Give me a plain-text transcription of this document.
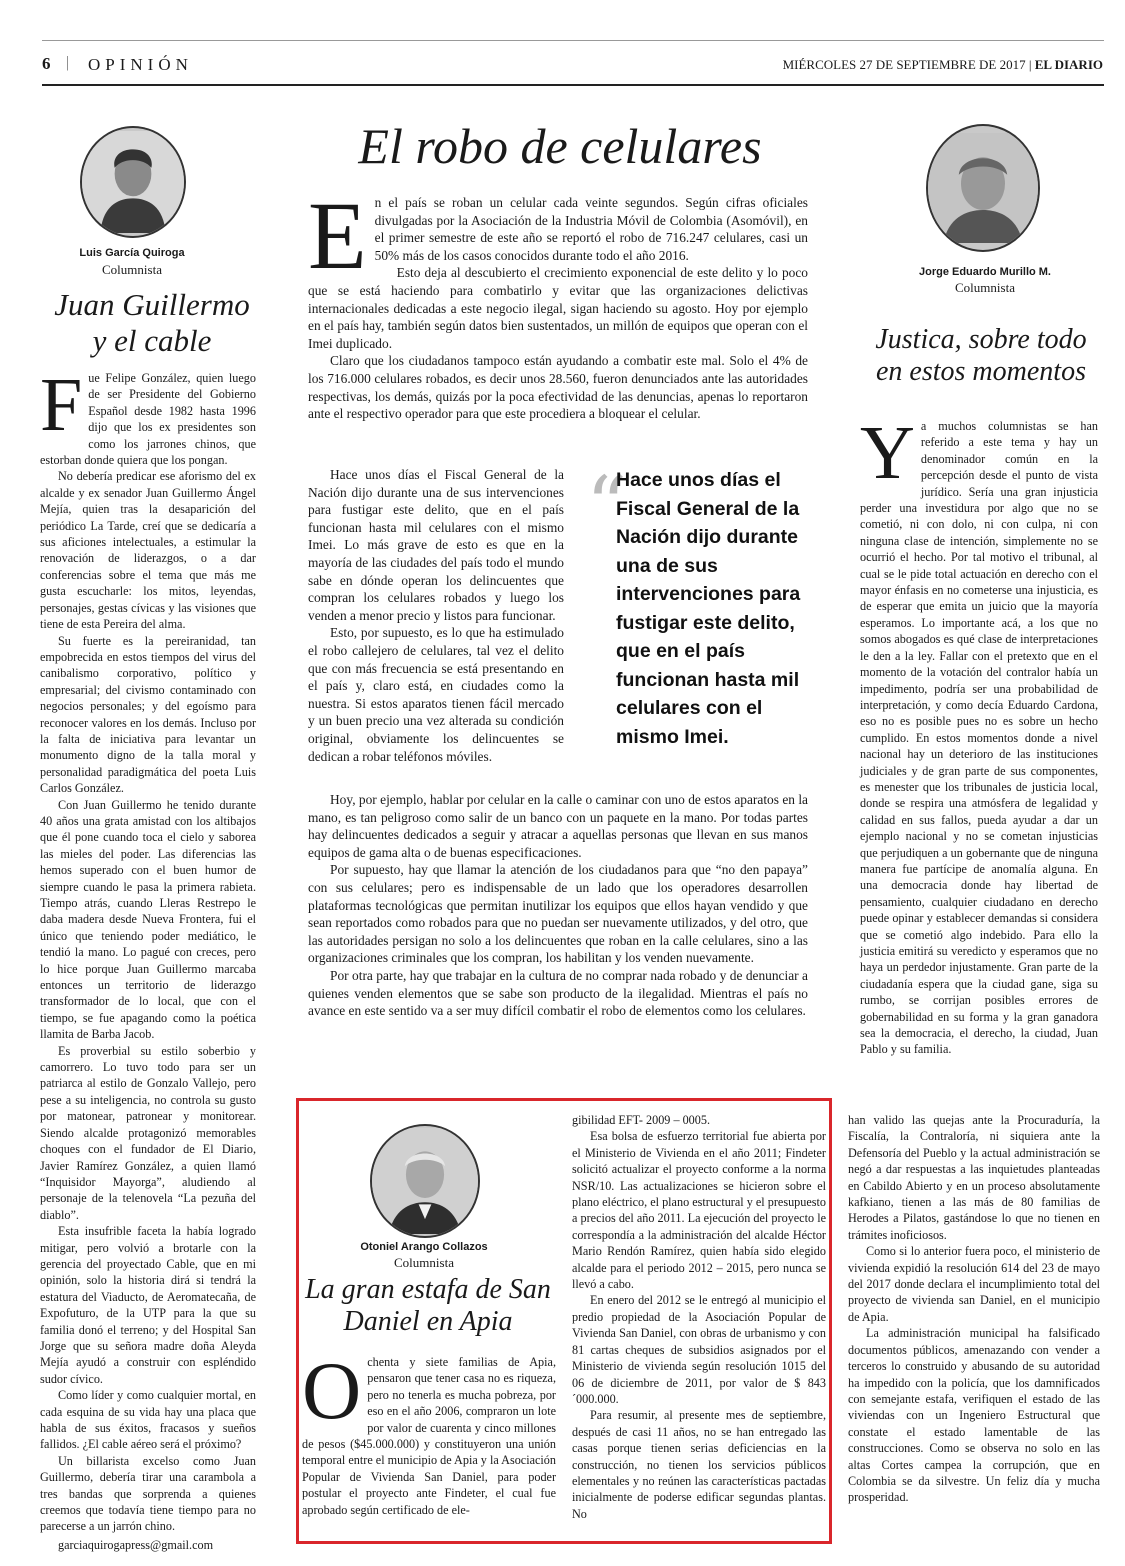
6 | OPINIÓN	MIÉRCOLES 27 DE SEPTIEMBRE DE 2017 | EL DIARIO
Luis García Quiroga
Columnista
Juan Guillermo
y el cable

Fue Felipe González, quien luego de ser Presidente del Gobierno Español desde 1982 hasta 1996 dijo que los ex presidentes son como los jarrones chinos, que estorban donde quiera que los pongan.

No debería predicar ese aforismo del ex alcalde y ex senador Juan Guillermo Ángel Mejía, quien tras la desaparición del periódico La Tarde, creí que se dedicaría a sus aficiones intelectuales, a estimular la renovación de liderazgos, o a dar conferencias sobre el tema que más me gusta escucharle: los mitos, leyendas, personajes, gestas cívicas y las visiones que tiene de esta Pereira del alma.

Su fuerte es la pereiranidad, tan empobrecida en estos tiempos del virus del canibalismo corporativo, político y empresarial; del civismo contaminado con negocios personales; y del egoísmo para reconocer valores en los demás. Incluso por la falta de iniciativa para levantar un monumento digno de la talla moral y personalidad paradigmática del poeta Luis Carlos González.

Con Juan Guillermo he tenido durante 40 años una grata amistad con los altibajos que él pone cuando toca el cielo y saborea las mieles del poder. Las diferencias las hemos superado con el buen humor de siempre cuando le pasa la primera rabieta. Tiempo atrás, cuando Lleras Restrepo le daba madera desde Nueva Frontera, fui el único que teniendo poder mediático, le tendió la mano. Lo pagué con creces, pero lo hice porque Juan Guillermo marcaba entonces un territorio de liderazgo transformador de lo local, que con el tiempo, se fue apagando como la poética llamita de Barba Jacob.

Es proverbial su estilo soberbio y camorrero. Lo tuvo todo para ser un patriarca al estilo de Gonzalo Vallejo, pero pese a su inteligencia, no controla su gusto por matonear, patronear y monitorear. Siendo alcalde protagonizó memorables choques con el fundador de El Diario, Javier Ramírez González, a quien llamó “Inquisidor Mayorga”, aludiendo al personaje de la telenovela “La pezuña del diablo”.

Esta insufrible faceta la había logrado mitigar, pero volvió a brotarle con la gerencia del proyectado Cable, que en mi opinión, solo la historia dirá si tendrá la estatura del Viaducto, de Aeromatecaña, de Expofuturo, de la UTP para la que su familia donó el terreno; y del Hospital San Jorge que su señora madre doña Aleyda Mejía ayudó a construir con espléndido sudor cívico.

Como líder y como cualquier mortal, en cada esquina de su vida hay una placa que habla de sus éxitos, fracasos y sueños fallidos. ¿El cable aéreo será el próximo?

Un billarista excelso como Juan Guillermo, debería tirar una carambola a tres bandas que sorprenda a quienes creemos que todavía tiene tiempo para no parecerse a un jarrón chino.

garciaquirogapress@gmail.com

El robo de celulares

En el país se roban un celular cada veinte segundos. Según cifras oficiales divulgadas por la Asociación de la Industria Móvil de Colombia (Asomóvil), en el primer semestre de este año se reportó el robo de 716.247 celulares, casi un 50% más de los casos conocidos durante todo el año 2016.

Esto deja al descubierto el crecimiento exponencial de este delito y lo poco que se está haciendo para combatirlo y evitar que las organizaciones delictivas internacionales dedicadas a este negocio ilegal, sigan haciendo su agosto. Hoy por ejemplo en el país hay, también según datos bien sustentados, un millón de equipos que operan con el Imei duplicado.

Claro que los ciudadanos tampoco están ayudando a combatir este mal. Solo el 4% de los 716.000 celulares robados, es decir unos 28.560, fueron denunciados ante las autoridades respectivas, los demás, quizás por la poca efectividad de las denuncias, apenas lo reportaron ante el respectivo operador para que este procediera a bloquear el celular.

Hace unos días el Fiscal General de la Nación dijo durante una de sus intervenciones para fustigar este delito, que en el país funcionan hasta mil celulares con el mismo Imei. Lo más grave de esto es que en la mayoría de las ciudades del país todo el mundo sabe en dónde operan los delincuentes que compran los celulares robados y luego los venden a menor precio y listos para funcionar.

Esto, por supuesto, es lo que ha estimulado el robo callejero de celulares, tal vez el delito que con más frecuencia se está presentando en el país y, claro está, en ciudades como la nuestra. Si estos aparatos tienen fácil mercado y un buen precio una vez alterada su condición original, obviamente los delincuentes se dedican a robar teléfonos móviles.

“
Hace unos días el Fiscal General de la Nación dijo durante una de sus intervenciones para fustigar este delito, que en el país funcionan hasta mil celulares con el mismo Imei.

Hoy, por ejemplo, hablar por celular en la calle o caminar con uno de estos aparatos en la mano, es tan peligroso como salir de un banco con un paquete en la mano. Por todas partes hay delincuentes dedicados a seguir y atracar a aquellas personas que llevan en sus manos equipos de gama alta o de buenas especificaciones.

Por supuesto, hay que llamar la atención de los ciudadanos para que “no den papaya” con sus celulares; pero es indispensable de un lado que los operadores desarrollen plataformas tecnológicas que permitan inutilizar los equipos que ellos hayan vendido y que sean reportados como robados para que no puedan ser nuevamente utilizados, y del otro, que las autoridades persigan no solo a los delincuentes que roban en la calle celulares, sino a las organizaciones criminales que los compran, los habilitan y los venden nuevamente.

Por otra parte, hay que trabajar en la cultura de no comprar nada robado y de denunciar a quienes venden elementos que se sabe son producto de la ilegalidad. Mientras el país no avance en este sentido va a ser muy difícil combatir el robo de elementos como los celulares.

Jorge Eduardo Murillo M.
Columnista
Justica, sobre todo
en estos momentos

Ya muchos columnistas se han referido a este tema y hay un denominador común en la percepción desde el punto de vista jurídico. Sería una gran injusticia perder una investidura por algo que no se cometió, ni con dolo, ni con culpa, ni con ninguna clase de intención, simplemente no se ocurrió el hecho. Por tal motivo el tribunal, al cual se le pide total actuación en derecho con el mayor énfasis en no cometerse una injusticia, es de esperar que emita un juicio que la mayoría esperamos. Lo importante acá, a los que no somos abogados es qué clase de interpretaciones le den a la ley. Fallar con el pretexto que en el momento de la votación del contralor había un impedimento, podría ser una probabilidad de interpretación, y como decía Eduardo Cardona, eso no es posible pues no es sobre un hecho cumplido. En estos momentos donde a nivel nacional hay un deterioro de las instituciones judiciales y de gran parte de sus componentes, es menester que los tribunales de justicia local, donde se respira una atmósfera de legalidad y calidad en sus fallos, pueda ayudar a dar un ejemplo nacional y no se cometan injusticias que perjudiquen a un gobernante que de ninguna manera fue partícipe de anomalía alguna. En una democracia donde hay libertad de pensamiento, cualquier ciudadano en derecho puede opinar y establecer demandas si considera que se cometió algo indebido. Para ello la justicia emitirá su veredicto y esperamos que no haya un perdedor injustamente. Gran parte de la ciudadanía espera que la ciudad gane, siga su rumbo, se corrijan posibles errores de gobernabilidad en su forma y la gran ganadora sea la democracia, el derecho, la ciudad, Juan Pablo y su familia.

Otoniel Arango Collazos
Columnista
La gran estafa de San
Daniel en Apia

Ochenta y siete familias de Apia, pensaron que tener casa no es riqueza, pero no tenerla es mucha pobreza, por eso en el año 2006, compraron un lote por valor de cuarenta y cinco millones de pesos ($45.000.000) y constituyeron una unión temporal entre el municipio de Apia y la Asociación Popular de Vivienda San Daniel, para poder postular el proyecto ante Findeter, el cual fue aprobado según certificado de ele-

gibilidad EFT- 2009 – 0005.

Esa bolsa de esfuerzo territorial fue abierta por el Ministerio de Vivienda en el año 2011; Findeter solicitó actualizar el proyecto conforme a la norma NSR/10. Las actualizaciones se hicieron sobre el plano eléctrico, el plano estructural y el presupuesto a precios del año 2011. La ejecución del proyecto le correspondía a la administración del alcalde Héctor Mario Rendón Ramírez, quien había sido elegido alcalde para el periodo 2012 – 2015, pero nunca se llevó a cabo.

En enero del 2012 se le entregó al municipio el predio propiedad de la Asociación Popular de Vivienda San Daniel, con obras de urbanismo y con 81 cartas cheques de subsidios asignados por el Ministerio de vivienda según resolución 1015 del 06 de diciembre de 2011, por valor de $ 843´000.000.

Para resumir, al presente mes de septiembre, después de casi 11 años, no se han entregado las casas porque tienen serias deficiencias en la construcción, no tienen los servicios públicos elementales y no reúnen las características pactadas inicialmente de poderse edificar segundas plantas. No

han valido las quejas ante la Procuraduría, la Fiscalía, la Contraloría, ni siquiera ante la Defensoría del Pueblo y la actual administración se negó a dar respuestas a las inquietudes planteadas en Cabildo Abierto y en un proceso absolutamente kafkiano, tienen a las más de 80 familias de Herodes a Pilatos, gastándose lo que no tienen en trámites inoficiosos.

Como si lo anterior fuera poco, el ministerio de vivienda expidió la resolución 614 del 23 de mayo del 2017 donde declara el incumplimiento total del proyecto de vivienda san Daniel, en el municipio de Apia.

La administración municipal ha falsificado documentos públicos, amenazando con vender a terceros lo construido y abusando de su autoridad ha impedido con la policía, que los damnificados con semejante estafa, verifiquen el estado de las viviendas con un Ingeniero Estructural que constate el estado lamentable de las construcciones. Como se observa no solo en las altas Cortes campea la corrupción, que en Colombia se da silvestre. Un feliz día y mucha prosperidad.
